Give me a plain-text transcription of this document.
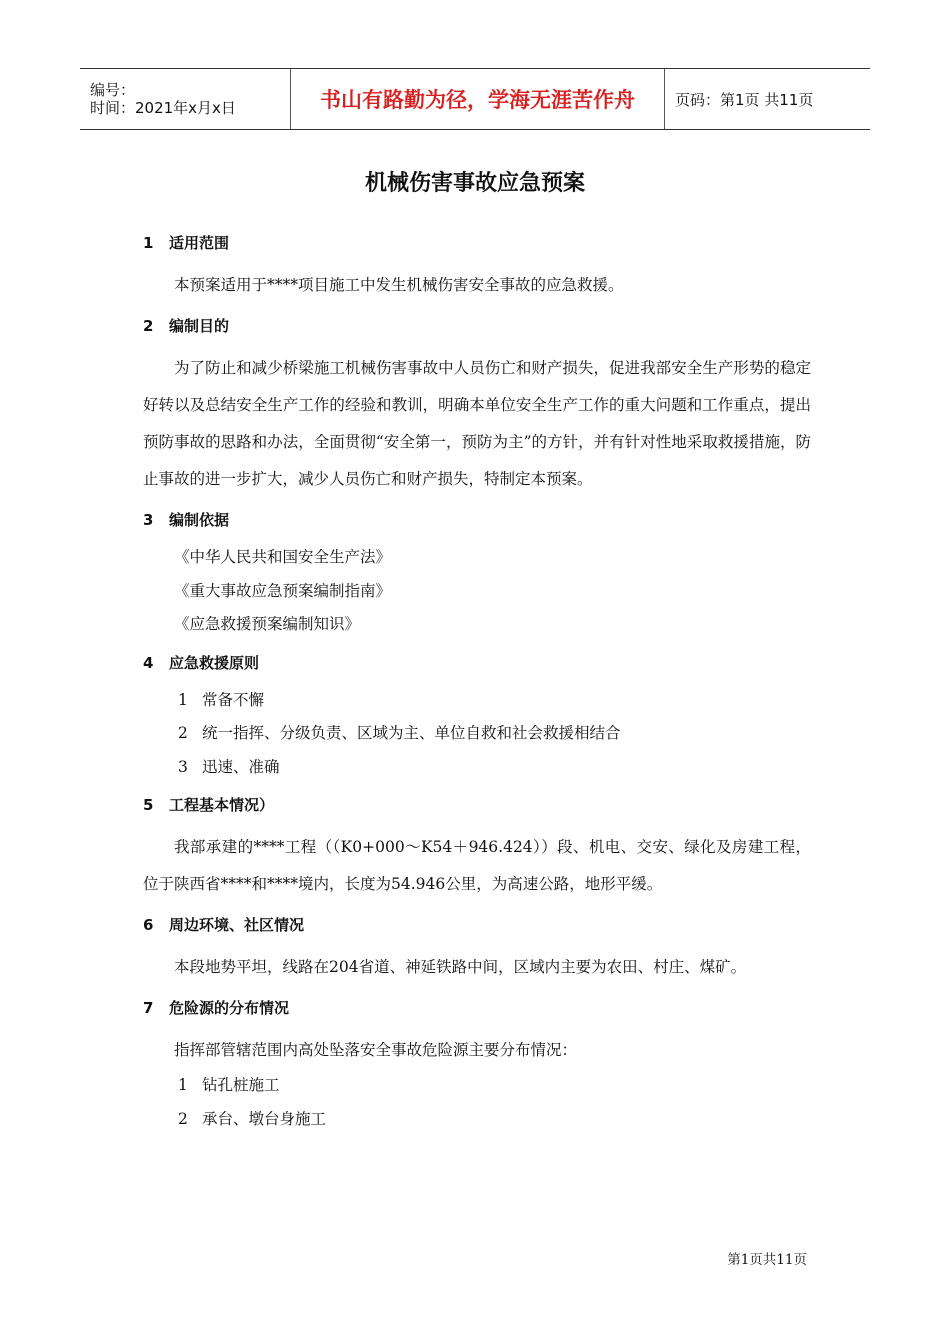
编号：
时间：2021年x月x日	书山有路勤为径，学海无涯苦作舟	页码：第1页 共11页
机械伤害事故应急预案
1	适用范围
本预案适用于****项目施工中发生机械伤害安全事故的应急救援。
2	编制目的
为了防止和减少桥梁施工机械伤害事故中人员伤亡和财产损失，促进我部安全生产形势的稳定好转以及总结安全生产工作的经验和教训，明确本单位安全生产工作的重大问题和工作重点，提出预防事故的思路和办法，全面贯彻“安全第一，预防为主”的方针，并有针对性地采取救援措施，防止事故的进一步扩大，减少人员伤亡和财产损失，特制定本预案。
3	编制依据
《中华人民共和国安全生产法》
《重大事故应急预案编制指南》
《应急救援预案编制知识》
4	应急救援原则
1 常备不懈
2 统一指挥、分级负责、区域为主、单位自救和社会救援相结合
3 迅速、准确
5	工程基本情况）
我部承建的****工程（（K0+000～K54＋946.424））段、机电、交安、绿化及房建工程，位于陕西省****和****境内，长度为54.946公里，为高速公路，地形平缓。
6	周边环境、社区情况
本段地势平坦，线路在204省道、神延铁路中间，区域内主要为农田、村庄、煤矿。
7	危险源的分布情况
指挥部管辖范围内高处坠落安全事故危险源主要分布情况：
1 钻孔桩施工
2 承台、墩台身施工
第1页共11页
